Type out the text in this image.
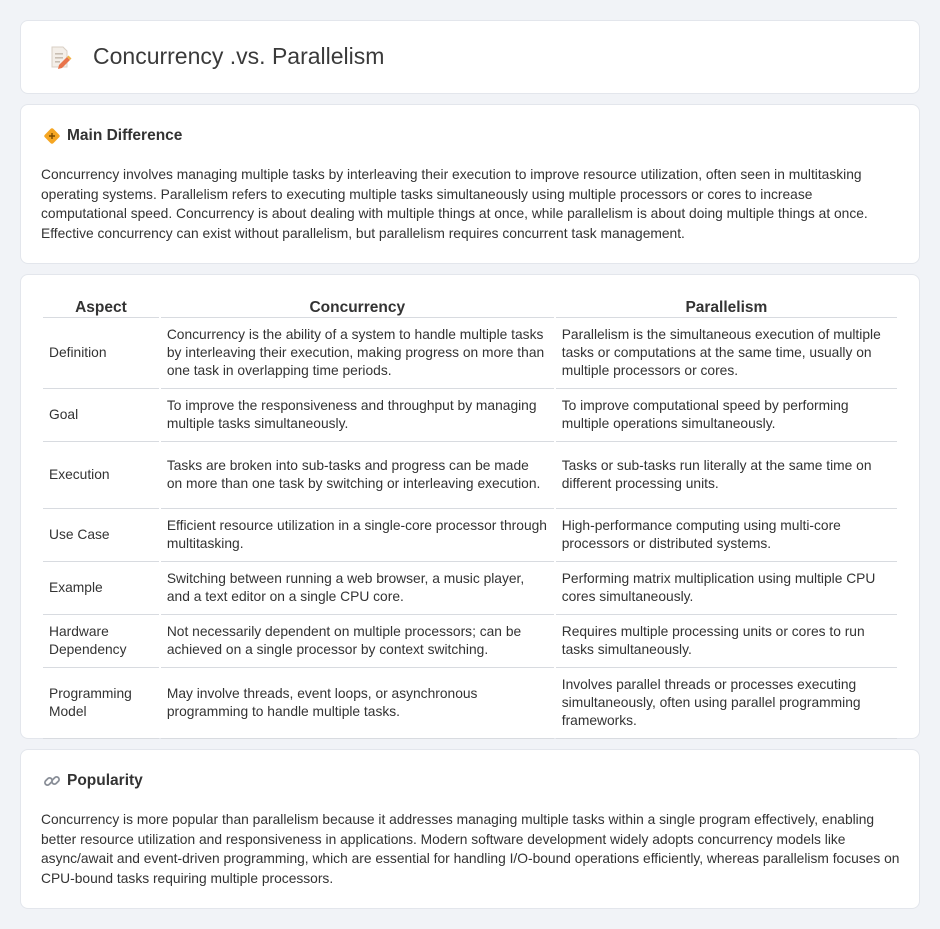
Concurrency .vs. Parallelism
Main Difference

Concurrency involves managing multiple tasks by interleaving their execution to improve resource utilization, often seen in multitasking operating systems. Parallelism refers to executing multiple tasks simultaneously using multiple processors or cores to increase computational speed. Concurrency is about dealing with multiple things at once, while parallelism is about doing multiple things at once. Effective concurrency can exist without parallelism, but parallelism requires concurrent task management.

Aspect	Concurrency	Parallelism
Definition	Concurrency is the ability of a system to handle multiple tasks by interleaving their execution, making progress on more than one task in overlapping time periods.	Parallelism is the simultaneous execution of multiple tasks or computations at the same time, usually on multiple processors or cores.
Goal	To improve the responsiveness and throughput by managing multiple tasks simultaneously.	To improve computational speed by performing multiple operations simultaneously.
Execution	Tasks are broken into sub-tasks and progress can be made on more than one task by switching or interleaving execution.	Tasks or sub-tasks run literally at the same time on different processing units.
Use Case	Efficient resource utilization in a single-core processor through multitasking.	High-performance computing using multi-core processors or distributed systems.
Example	Switching between running a web browser, a music player, and a text editor on a single CPU core.	Performing matrix multiplication using multiple CPU cores simultaneously.
Hardware Dependency	Not necessarily dependent on multiple processors; can be achieved on a single processor by context switching.	Requires multiple processing units or cores to run tasks simultaneously.
Programming Model	May involve threads, event loops, or asynchronous programming to handle multiple tasks.	Involves parallel threads or processes executing simultaneously, often using parallel programming frameworks.
Popularity

Concurrency is more popular than parallelism because it addresses managing multiple tasks within a single program effectively, enabling better resource utilization and responsiveness in applications. Modern software development widely adopts concurrency models like async/await and event-driven programming, which are essential for handling I/O-bound operations efficiently, whereas parallelism focuses on CPU-bound tasks requiring multiple processors.
